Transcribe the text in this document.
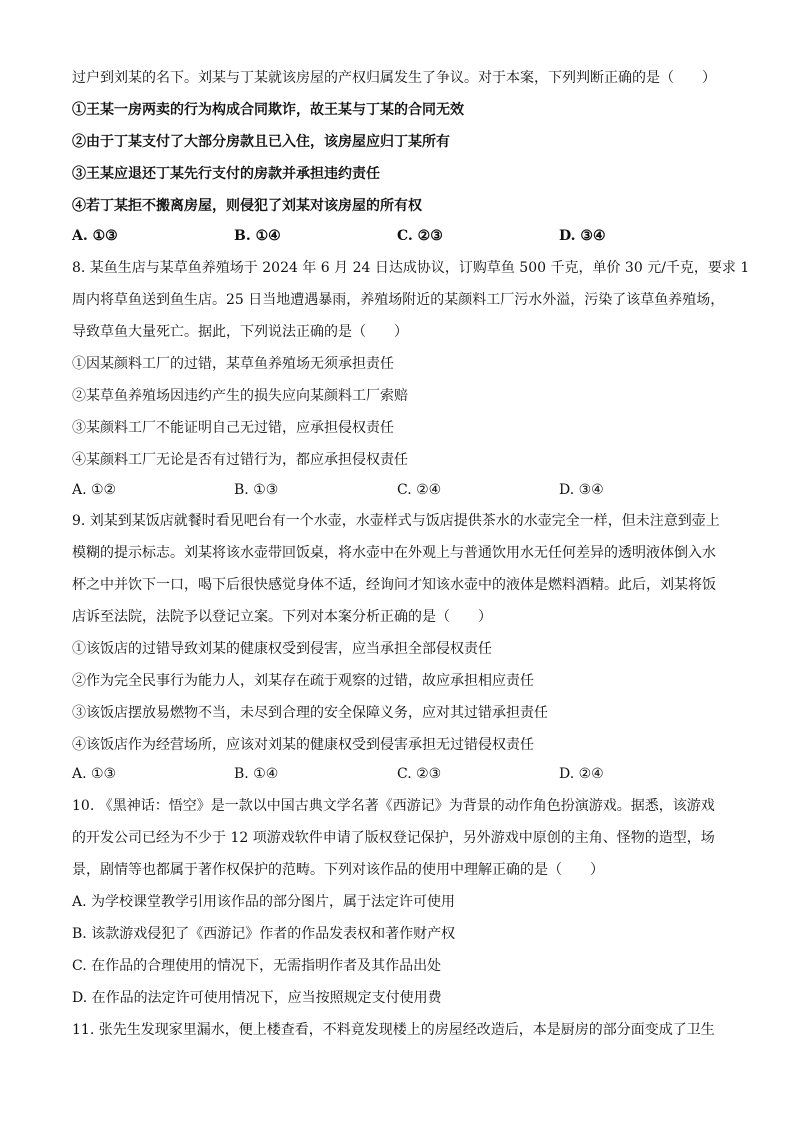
过户到刘某的名下。刘某与丁某就该房屋的产权归属发生了争议。对于本案，下列判断正确的是（　　）
①王某一房两卖的行为构成合同欺诈，故王某与丁某的合同无效
②由于丁某支付了大部分房款且已入住，该房屋应归丁某所有
③王某应退还丁某先行支付的房款并承担违约责任
④若丁某拒不搬离房屋，则侵犯了刘某对该房屋的所有权
A. ①③	B. ①④	C. ②③	D. ③④
8. 某鱼生店与某草鱼养殖场于 2024 年 6 月 24 日达成协议，订购草鱼 500 千克，单价 30 元/千克，要求 1
周内将草鱼送到鱼生店。25 日当地遭遇暴雨，养殖场附近的某颜料工厂污水外溢，污染了该草鱼养殖场，
导致草鱼大量死亡。据此，下列说法正确的是（　　）
①因某颜料工厂的过错，某草鱼养殖场无须承担责任
②某草鱼养殖场因违约产生的损失应向某颜料工厂索赔
③某颜料工厂不能证明自己无过错，应承担侵权责任
④某颜料工厂无论是否有过错行为，都应承担侵权责任
A. ①②	B. ①③	C. ②④	D. ③④
9. 刘某到某饭店就餐时看见吧台有一个水壶，水壶样式与饭店提供茶水的水壶完全一样，但未注意到壶上
模糊的提示标志。刘某将该水壶带回饭桌，将水壶中在外观上与普通饮用水无任何差异的透明液体倒入水
杯之中并饮下一口，喝下后很快感觉身体不适，经询问才知该水壶中的液体是燃料酒精。此后，刘某将饭
店诉至法院，法院予以登记立案。下列对本案分析正确的是（　　）
①该饭店的过错导致刘某的健康权受到侵害，应当承担全部侵权责任
②作为完全民事行为能力人，刘某存在疏于观察的过错，故应承担相应责任
③该饭店摆放易燃物不当，未尽到合理的安全保障义务，应对其过错承担责任
④该饭店作为经营场所，应该对刘某的健康权受到侵害承担无过错侵权责任
A. ①③	B. ①④	C. ②③	D. ②④
10. 《黑神话：悟空》是一款以中国古典文学名著《西游记》为背景的动作角色扮演游戏。据悉，该游戏
的开发公司已经为不少于 12 项游戏软件申请了版权登记保护，另外游戏中原创的主角、怪物的造型，场
景，剧情等也都属于著作权保护的范畴。下列对该作品的使用中理解正确的是（　　）
A. 为学校课堂教学引用该作品的部分图片，属于法定许可使用
B. 该款游戏侵犯了《西游记》作者的作品发表权和著作财产权
C. 在作品的合理使用的情况下，无需指明作者及其作品出处
D. 在作品的法定许可使用情况下，应当按照规定支付使用费
11. 张先生发现家里漏水，便上楼查看，不料竟发现楼上的房屋经改造后，本是厨房的部分面变成了卫生
